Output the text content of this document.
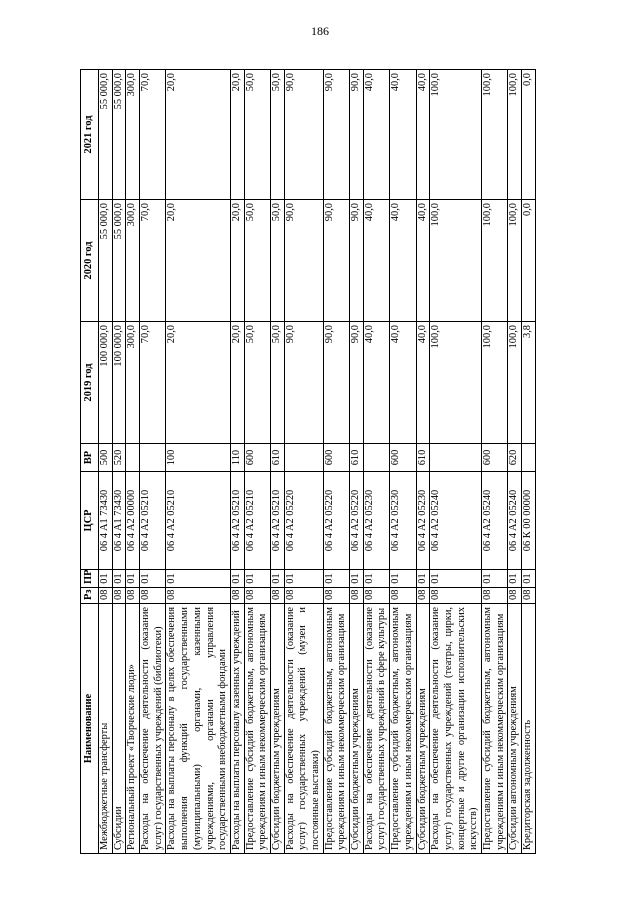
186
Наименование	Рз	ПР	ЦСР	ВР	2019 год	2020 год	2021 год
Межбюджетные трансферты	08	01	06 4 A1 73430	500	100 000,0	55 000,0	55 000,0
Субсидии	08	01	06 4 A1 73430	520	100 000,0	55 000,0	55 000,0
Региональный проект «Творческие люди»	08	01	06 4 A2 00000		300,0	300,0	300,0
Расходы на обеспечение деятельности (оказание услуг) государственных учреждений (библиотеки)	08	01	06 4 A2 05210		70,0	70,0	70,0
Расходы на выплаты персоналу в целях обеспечения выполнения функций государственными (муниципальными) органами, казенными учреждениями, органами управления государственными внебюджетными фондами	08	01	06 4 A2 05210	100	20,0	20,0	20,0
Расходы на выплаты персоналу казенных учреждений	08	01	06 4 A2 05210	110	20,0	20,0	20,0
Предоставление субсидий бюджетным, автономным учреждениям и иным некоммерческим организациям	08	01	06 4 A2 05210	600	50,0	50,0	50,0
Субсидии бюджетным учреждениям	08	01	06 4 A2 05210	610	50,0	50,0	50,0
Расходы на обеспечение деятельности (оказание услуг) государственных учреждений (музеи и постоянные выставки)	08	01	06 4 A2 05220		90,0	90,0	90,0
Предоставление субсидий бюджетным, автономным учреждениям и иным некоммерческим организациям	08	01	06 4 A2 05220	600	90,0	90,0	90,0
Субсидии бюджетным учреждениям	08	01	06 4 A2 05220	610	90,0	90,0	90,0
Расходы на обеспечение деятельности (оказание услуг) государственных учреждений в сфере культуры	08	01	06 4 A2 05230		40,0	40,0	40,0
Предоставление субсидий бюджетным, автономным учреждениям и иным некоммерческим организациям	08	01	06 4 A2 05230	600	40,0	40,0	40,0
Субсидии бюджетным учреждениям	08	01	06 4 A2 05230	610	40,0	40,0	40,0
Расходы на обеспечение деятельности (оказание услуг) государственных учреждений (театры, цирки, концертные и другие организации исполнительских искусств)	08	01	06 4 A2 05240		100,0	100,0	100,0
Предоставление субсидий бюджетным, автономным учреждениям и иным некоммерческим организациям	08	01	06 4 A2 05240	600	100,0	100,0	100,0
Субсидии автономным учреждениям	08	01	06 4 A2 05240	620	100,0	100,0	100,0
Кредиторская задолженность	08	01	06 К 00 00000		3,8	0,0	0,0
